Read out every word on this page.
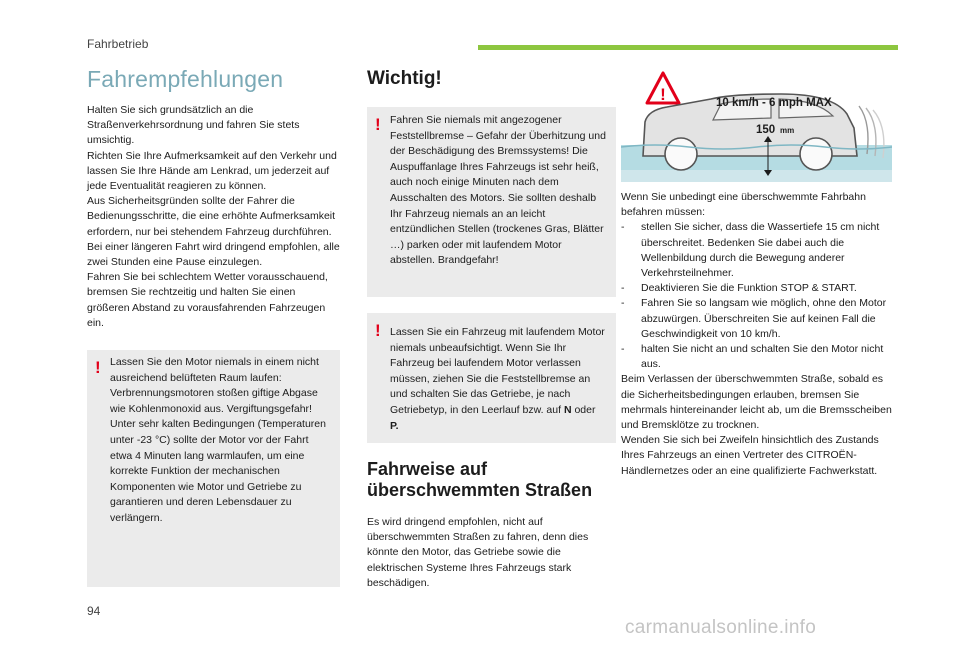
Fahrbetrieb
Fahrempfehlungen

Halten Sie sich grundsätzlich an die Straßenverkehrsordnung und fahren Sie stets umsichtig.

Richten Sie Ihre Aufmerksamkeit auf den Verkehr und lassen Sie Ihre Hände am Lenkrad, um jederzeit auf jede Eventualität reagieren zu können.

Aus Sicherheitsgründen sollte der Fahrer die Bedienungsschritte, die eine erhöhte Aufmerksamkeit erfordern, nur bei stehendem Fahrzeug durchführen.

Bei einer längeren Fahrt wird dringend empfohlen, alle zwei Stunden eine Pause einzulegen.

Fahren Sie bei schlechtem Wetter vorausschauend, bremsen Sie rechtzeitig und halten Sie einen größeren Abstand zu vorausfahrenden Fahrzeugen ein.

! Lassen Sie den Motor niemals in einem nicht ausreichend belüfteten Raum laufen: Verbrennungsmotoren stoßen giftige Abgase wie Kohlenmonoxid aus. Vergiftungsgefahr! Unter sehr kalten Bedingungen (Temperaturen unter -23 °C) sollte der Motor vor der Fahrt etwa 4 Minuten lang warmlaufen, um eine korrekte Funktion der mechanischen Komponenten wie Motor und Getriebe zu garantieren und deren Lebensdauer zu verlängern.
Wichtig!
! Fahren Sie niemals mit angezogener Feststellbremse – Gefahr der Überhitzung und der Beschädigung des Bremssystems! Die Auspuffanlage Ihres Fahrzeugs ist sehr heiß, auch noch einige Minuten nach dem Ausschalten des Motors. Sie sollten deshalb Ihr Fahrzeug niemals an an leicht entzündlichen Stellen (trockenes Gras, Blätter …) parken oder mit laufendem Motor abstellen. Brandgefahr!
! Lassen Sie ein Fahrzeug mit laufendem Motor niemals unbeaufsichtigt. Wenn Sie Ihr Fahrzeug bei laufendem Motor verlassen müssen, ziehen Sie die Feststellbremse an und schalten Sie das Getriebe, je nach Getriebetyp, in den Leerlauf bzw. auf N oder P.
Fahrweise auf überschwemmten Straßen

Es wird dringend empfohlen, nicht auf überschwemmten Straßen zu fahren, denn dies könnte den Motor, das Getriebe sowie die elektrischen Systeme Ihres Fahrzeugs stark beschädigen.

!	10 km/h - 6 mph MAX
150 mm

Wenn Sie unbedingt eine überschwemmte Fahrbahn befahren müssen:

- stellen Sie sicher, dass die Wassertiefe 15 cm nicht überschreitet. Bedenken Sie dabei auch die Wellenbildung durch die Bewegung anderer Verkehrsteilnehmer.
- Deaktivieren Sie die Funktion STOP & START.
- Fahren Sie so langsam wie möglich, ohne den Motor abzuwürgen. Überschreiten Sie auf keinen Fall die Geschwindigkeit von 10 km/h.
- halten Sie nicht an und schalten Sie den Motor nicht aus.

Beim Verlassen der überschwemmten Straße, sobald es die Sicherheitsbedingungen erlauben, bremsen Sie mehrmals hintereinander leicht ab, um die Bremsscheiben und Bremsklötze zu trocknen.

Wenden Sie sich bei Zweifeln hinsichtlich des Zustands Ihres Fahrzeugs an einen Vertreter des CITROËN-Händlernetzes oder an eine qualifizierte Fachwerkstatt.

94
carmanualsonline.info
